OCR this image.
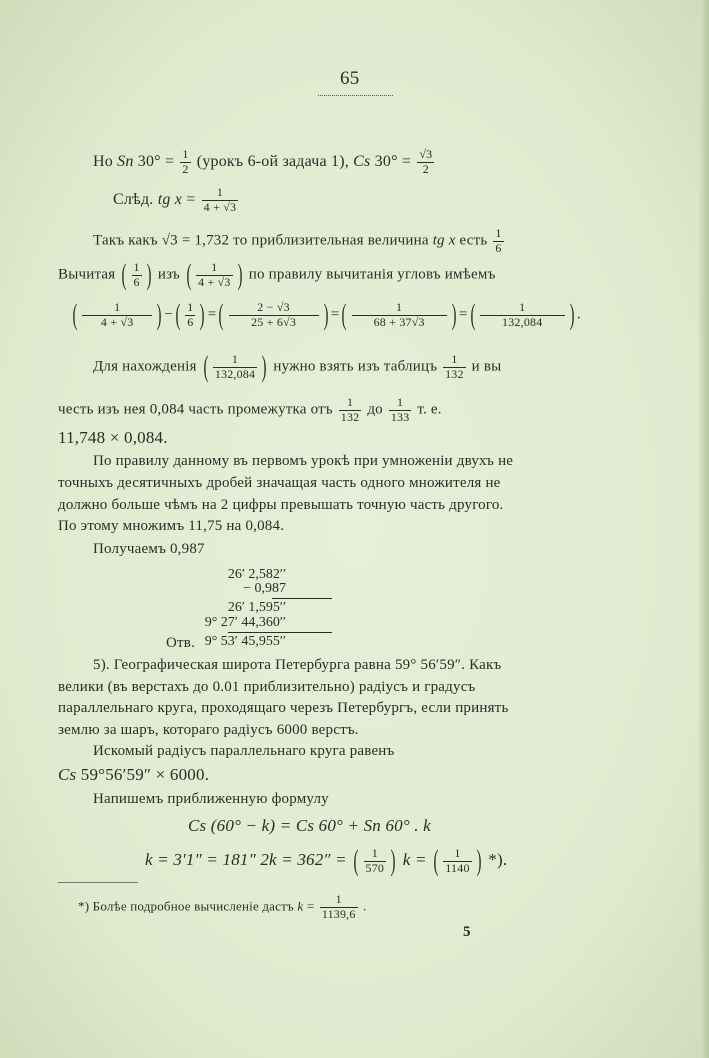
65
Но Sn $30^\circ = \frac{1}{2}$ (урокъ 6-ой задача 1), Cs $30^\circ = \frac{√3}{2}$
Слѣд. tg $x = \frac{1}{4 + √3}$
Такъ какъ √3 = 1,732 то приблизительная величина tg x есть $\frac{1}{6}$
Вычитая ( $\frac{1}{6}$ ) изъ ( $\frac{1}{4 + √3}$ ) по правилу вычитанія угловъ имѣемъ
( $\frac{1}{4 + √3}$ ) −( $\frac{1}{6}$ ) =( $\frac{2 - √3}{25 + 6√3}$ ) =( $\frac{1}{68 + 37√3}$ ) =( $\frac{1}{132,084}$ ) .
Для нахожденія ( $\frac{1}{132,084}$ ) нужно взять изъ таблицъ $\frac{1}{132}$ и вы
честь изъ нея 0,084 часть промежутка отъ $\frac{1}{132}$ до $\frac{1}{133} т$. е.
11,748 × 0,084.
По правилу данному въ первомъ урокѣ при умноженіи двухъ не
точныхъ десятичныхъ дробей значащая часть одного множителя не
должно больше чѣмъ на 2 цифры превышать точную часть другого.
По этому множимъ 11,75 на 0,084.
Получаемъ 0,987
26′ 2,582′′
− 0,987
26′ 1,595′′
9° 27′ 44,360′′
9° 53′ 45,955′′
Отв.
5). Географическая широта Петербурга равна 59° 56′59″. Какъ
велики (въ верстахъ до 0.01 приблизительно) радіусъ и градусъ
параллельнаго круга, проходящаго черезъ Петербургъ, если принять
землю за шаръ, котораго радіусъ 6000 верстъ.
Искомый радіусъ параллельнаго круга равенъ
Cs 59°56′59″ × 6000.
Напишемъ приближенную формулу
Cs (60° − k) = Cs 60° + Sn 60° . k
k = 3′1″ = 181″ 2k = 362″ = ( $\frac{1}{570}$ ) k = ( $\frac{1}{1140}$ ) *).
*) Болѣе подробное вычисленіе дастъ $k = \frac{1}{1139,6}$ .
5
